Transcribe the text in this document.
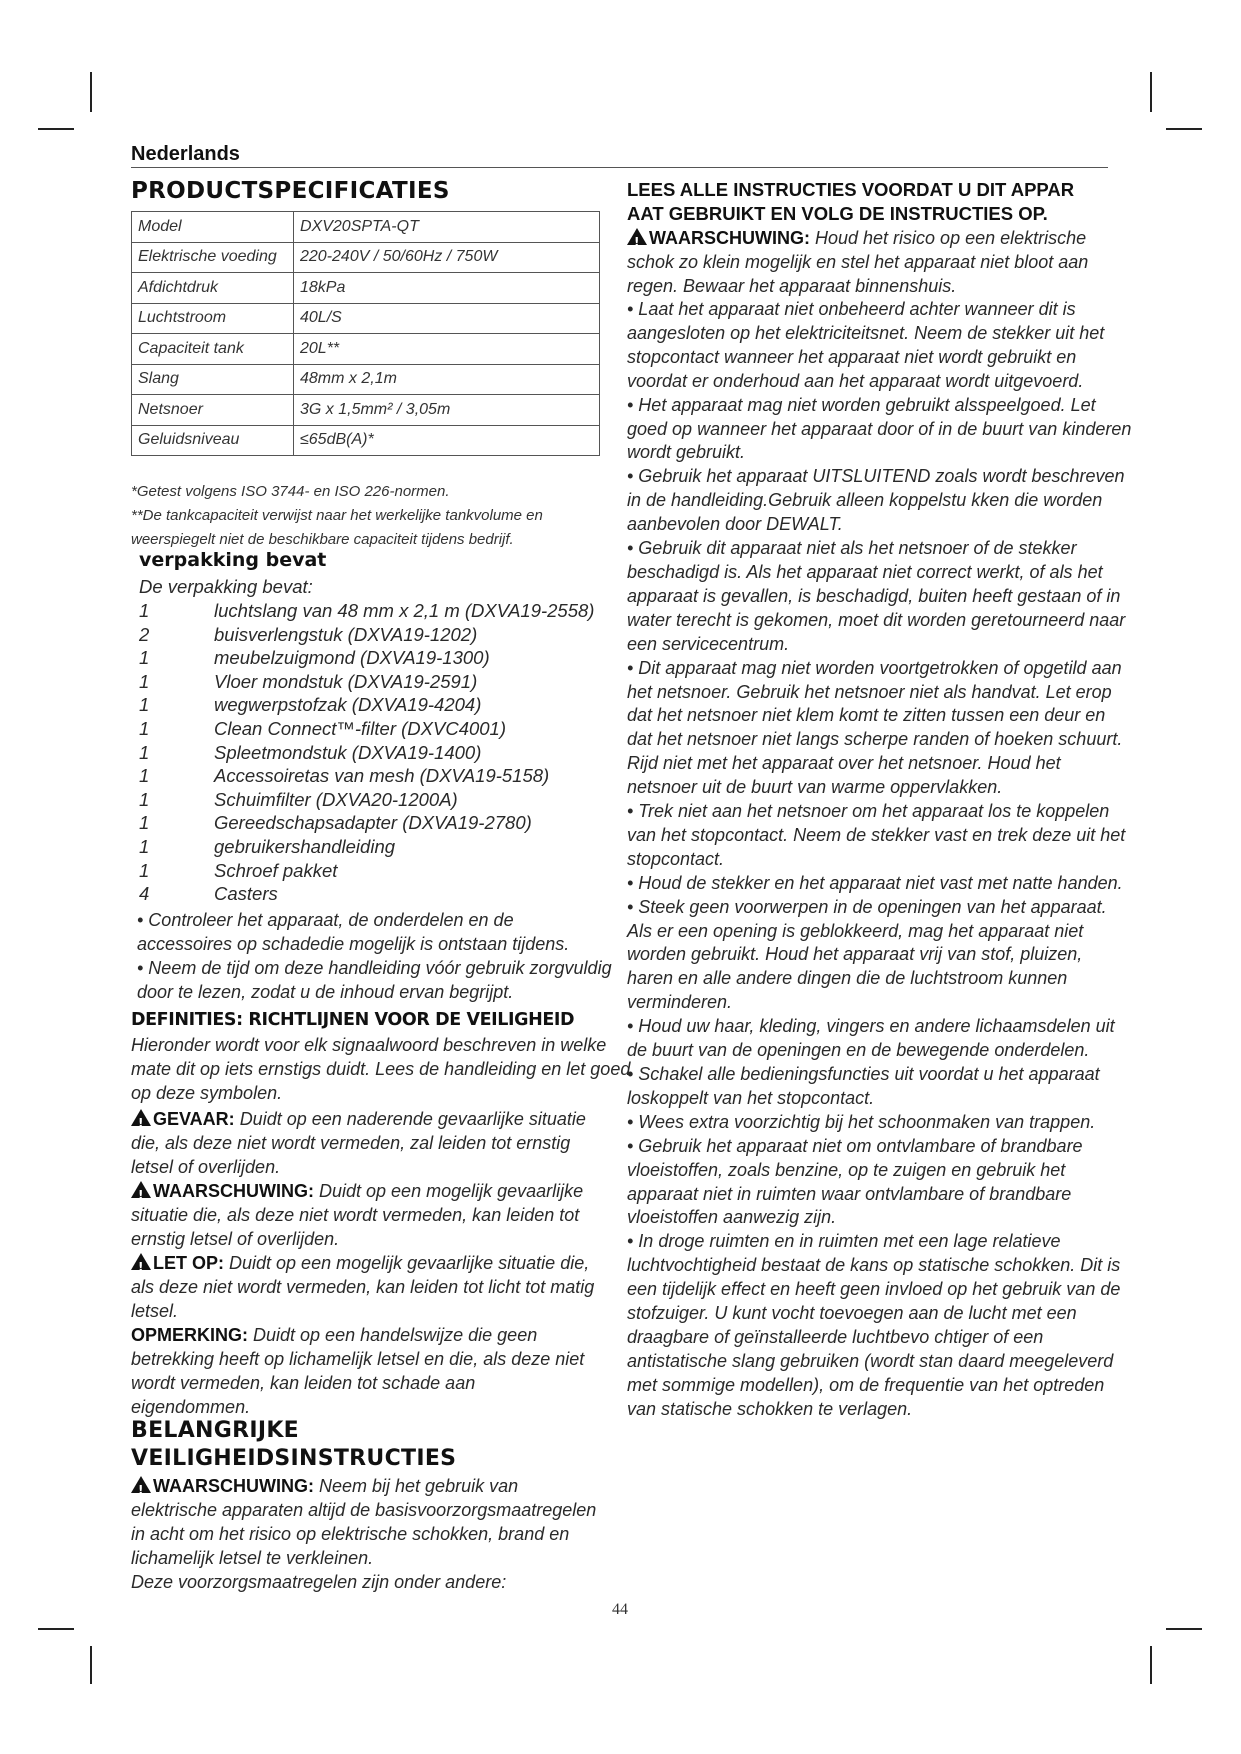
Nederlands
PRODUCTSPECIFICATIES
Model	DXV20SPTA-QT
Elektrische voeding	220-240V / 50/60Hz / 750W
Afdichtdruk	18kPa
Luchtstroom	40L/S
Capaciteit tank	20L**
Slang	48mm x 2,1m
Netsnoer	3G x 1,5mm² / 3,05m
Geluidsniveau	≤65dB(A)*

*Getest volgens ISO 3744- en ISO 226-normen.

**De tankcapaciteit verwijst naar het werkelijke tankvolume en weerspiegelt niet de beschikbare capaciteit tijdens bedrijf.

verpakking bevat
De verpakking bevat:
1	luchtslang van 48 mm x 2,1 m (DXVA19-2558)
2	buisverlengstuk (DXVA19-1202)
1	meubelzuigmond (DXVA19-1300)
1	Vloer mondstuk (DXVA19-2591)
1	wegwerpstofzak (DXVA19-4204)
1	Clean Connect™-filter (DXVC4001)
1	Spleetmondstuk (DXVA19-1400)
1	Accessoiretas van mesh (DXVA19-5158)
1	Schuimfilter (DXVA20-1200A)
1	Gereedschapsadapter (DXVA19-2780)
1	gebruikershandleiding
1	Schroef pakket
4	Casters
• Controleer het apparaat, de onderdelen en de accessoires op schadedie mogelijk is ontstaan tijdens.
• Neem de tijd om deze handleiding vóór gebruik zorgvuldig door te lezen, zodat u de inhoud ervan begrijpt.
DEFINITIES: RICHTLIJNEN VOOR DE VEILIGHEID
Hieronder wordt voor elk signaalwoord beschreven in welke mate dit op iets ernstigs duidt. Lees de handleiding en let goed op deze symbolen.
!GEVAAR: Duidt op een naderende gevaarlijke situatie die, als deze niet wordt vermeden, zal leiden tot ernstig letsel of overlijden.
!WAARSCHUWING: Duidt op een mogelijk gevaarlijke situatie die, als deze niet wordt vermeden, kan leiden tot ernstig letsel of overlijden.
!LET OP: Duidt op een mogelijk gevaarlijke situatie die, als deze niet wordt vermeden, kan leiden tot licht tot matig letsel.
OPMERKING: Duidt op een handelswijze die geen betrekking heeft op lichamelijk letsel en die, als deze niet wordt vermeden, kan leiden tot schade aan eigendommen.
BELANGRIJKE
VEILIGHEIDSINSTRUCTIES
!WAARSCHUWING: Neem bij het gebruik van elektrische apparaten altijd de basisvoorzorgsmaatregelen in acht om het risico op elektrische schokken, brand en lichamelijk letsel te verkleinen.
Deze voorzorgsmaatregelen zijn onder andere:
LEES ALLE INSTRUCTIES VOORDAT U DIT APPAR AAT GEBRUIKT EN VOLG DE INSTRUCTIES OP.
!WAARSCHUWING: Houd het risico op een elektrische schok zo klein mogelijk en stel het apparaat niet bloot aan regen. Bewaar het apparaat binnenshuis.

• Laat het apparaat niet onbeheerd achter wanneer dit is aangesloten op het elektriciteitsnet. Neem de stekker uit het stopcontact wanneer het apparaat niet wordt gebruikt en voordat er onderhoud aan het apparaat wordt uitgevoerd.

• Het apparaat mag niet worden gebruikt alsspeelgoed. Let goed op wanneer het apparaat door of in de buurt van kinderen wordt gebruikt.

• Gebruik het apparaat UITSLUITEND zoals wordt beschreven in de handleiding.Gebruik alleen koppelstu kken die worden aanbevolen door DEWALT.

• Gebruik dit apparaat niet als het netsnoer of de stekker beschadigd is. Als het apparaat niet correct werkt, of als het apparaat is gevallen, is beschadigd, buiten heeft gestaan of in water terecht is gekomen, moet dit worden geretourneerd naar een servicecentrum.

• Dit apparaat mag niet worden voortgetrokken of opgetild aan het netsnoer. Gebruik het netsnoer niet als handvat. Let erop dat het netsnoer niet klem komt te zitten tussen een deur en dat het netsnoer niet langs scherpe randen of hoeken schuurt. Rijd niet met het apparaat over het netsnoer. Houd het netsnoer uit de buurt van warme oppervlakken.

• Trek niet aan het netsnoer om het apparaat los te koppelen van het stopcontact. Neem de stekker vast en trek deze uit het stopcontact.

• Houd de stekker en het apparaat niet vast met natte handen.

• Steek geen voorwerpen in de openingen van het apparaat. Als er een opening is geblokkeerd, mag het apparaat niet worden gebruikt. Houd het apparaat vrij van stof, pluizen, haren en alle andere dingen die de luchtstroom kunnen verminderen.

• Houd uw haar, kleding, vingers en andere lichaamsdelen uit de buurt van de openingen en de bewegende onderdelen.

• Schakel alle bedieningsfuncties uit voordat u het apparaat loskoppelt van het stopcontact.

• Wees extra voorzichtig bij het schoonmaken van trappen.

• Gebruik het apparaat niet om ontvlambare of brandbare vloeistoffen, zoals benzine, op te zuigen en gebruik het apparaat niet in ruimten waar ontvlambare of brandbare vloeistoffen aanwezig zijn.

• In droge ruimten en in ruimten met een lage relatieve luchtvochtigheid bestaat de kans op statische schokken. Dit is een tijdelijk effect en heeft geen invloed op het gebruik van de stofzuiger. U kunt vocht toevoegen aan de lucht met een draagbare of geïnstalleerde luchtbevo chtiger of een antistatische slang gebruiken (wordt stan daard meegeleverd met sommige modellen), om de frequentie van het optreden van statische schokken te verlagen.

44
